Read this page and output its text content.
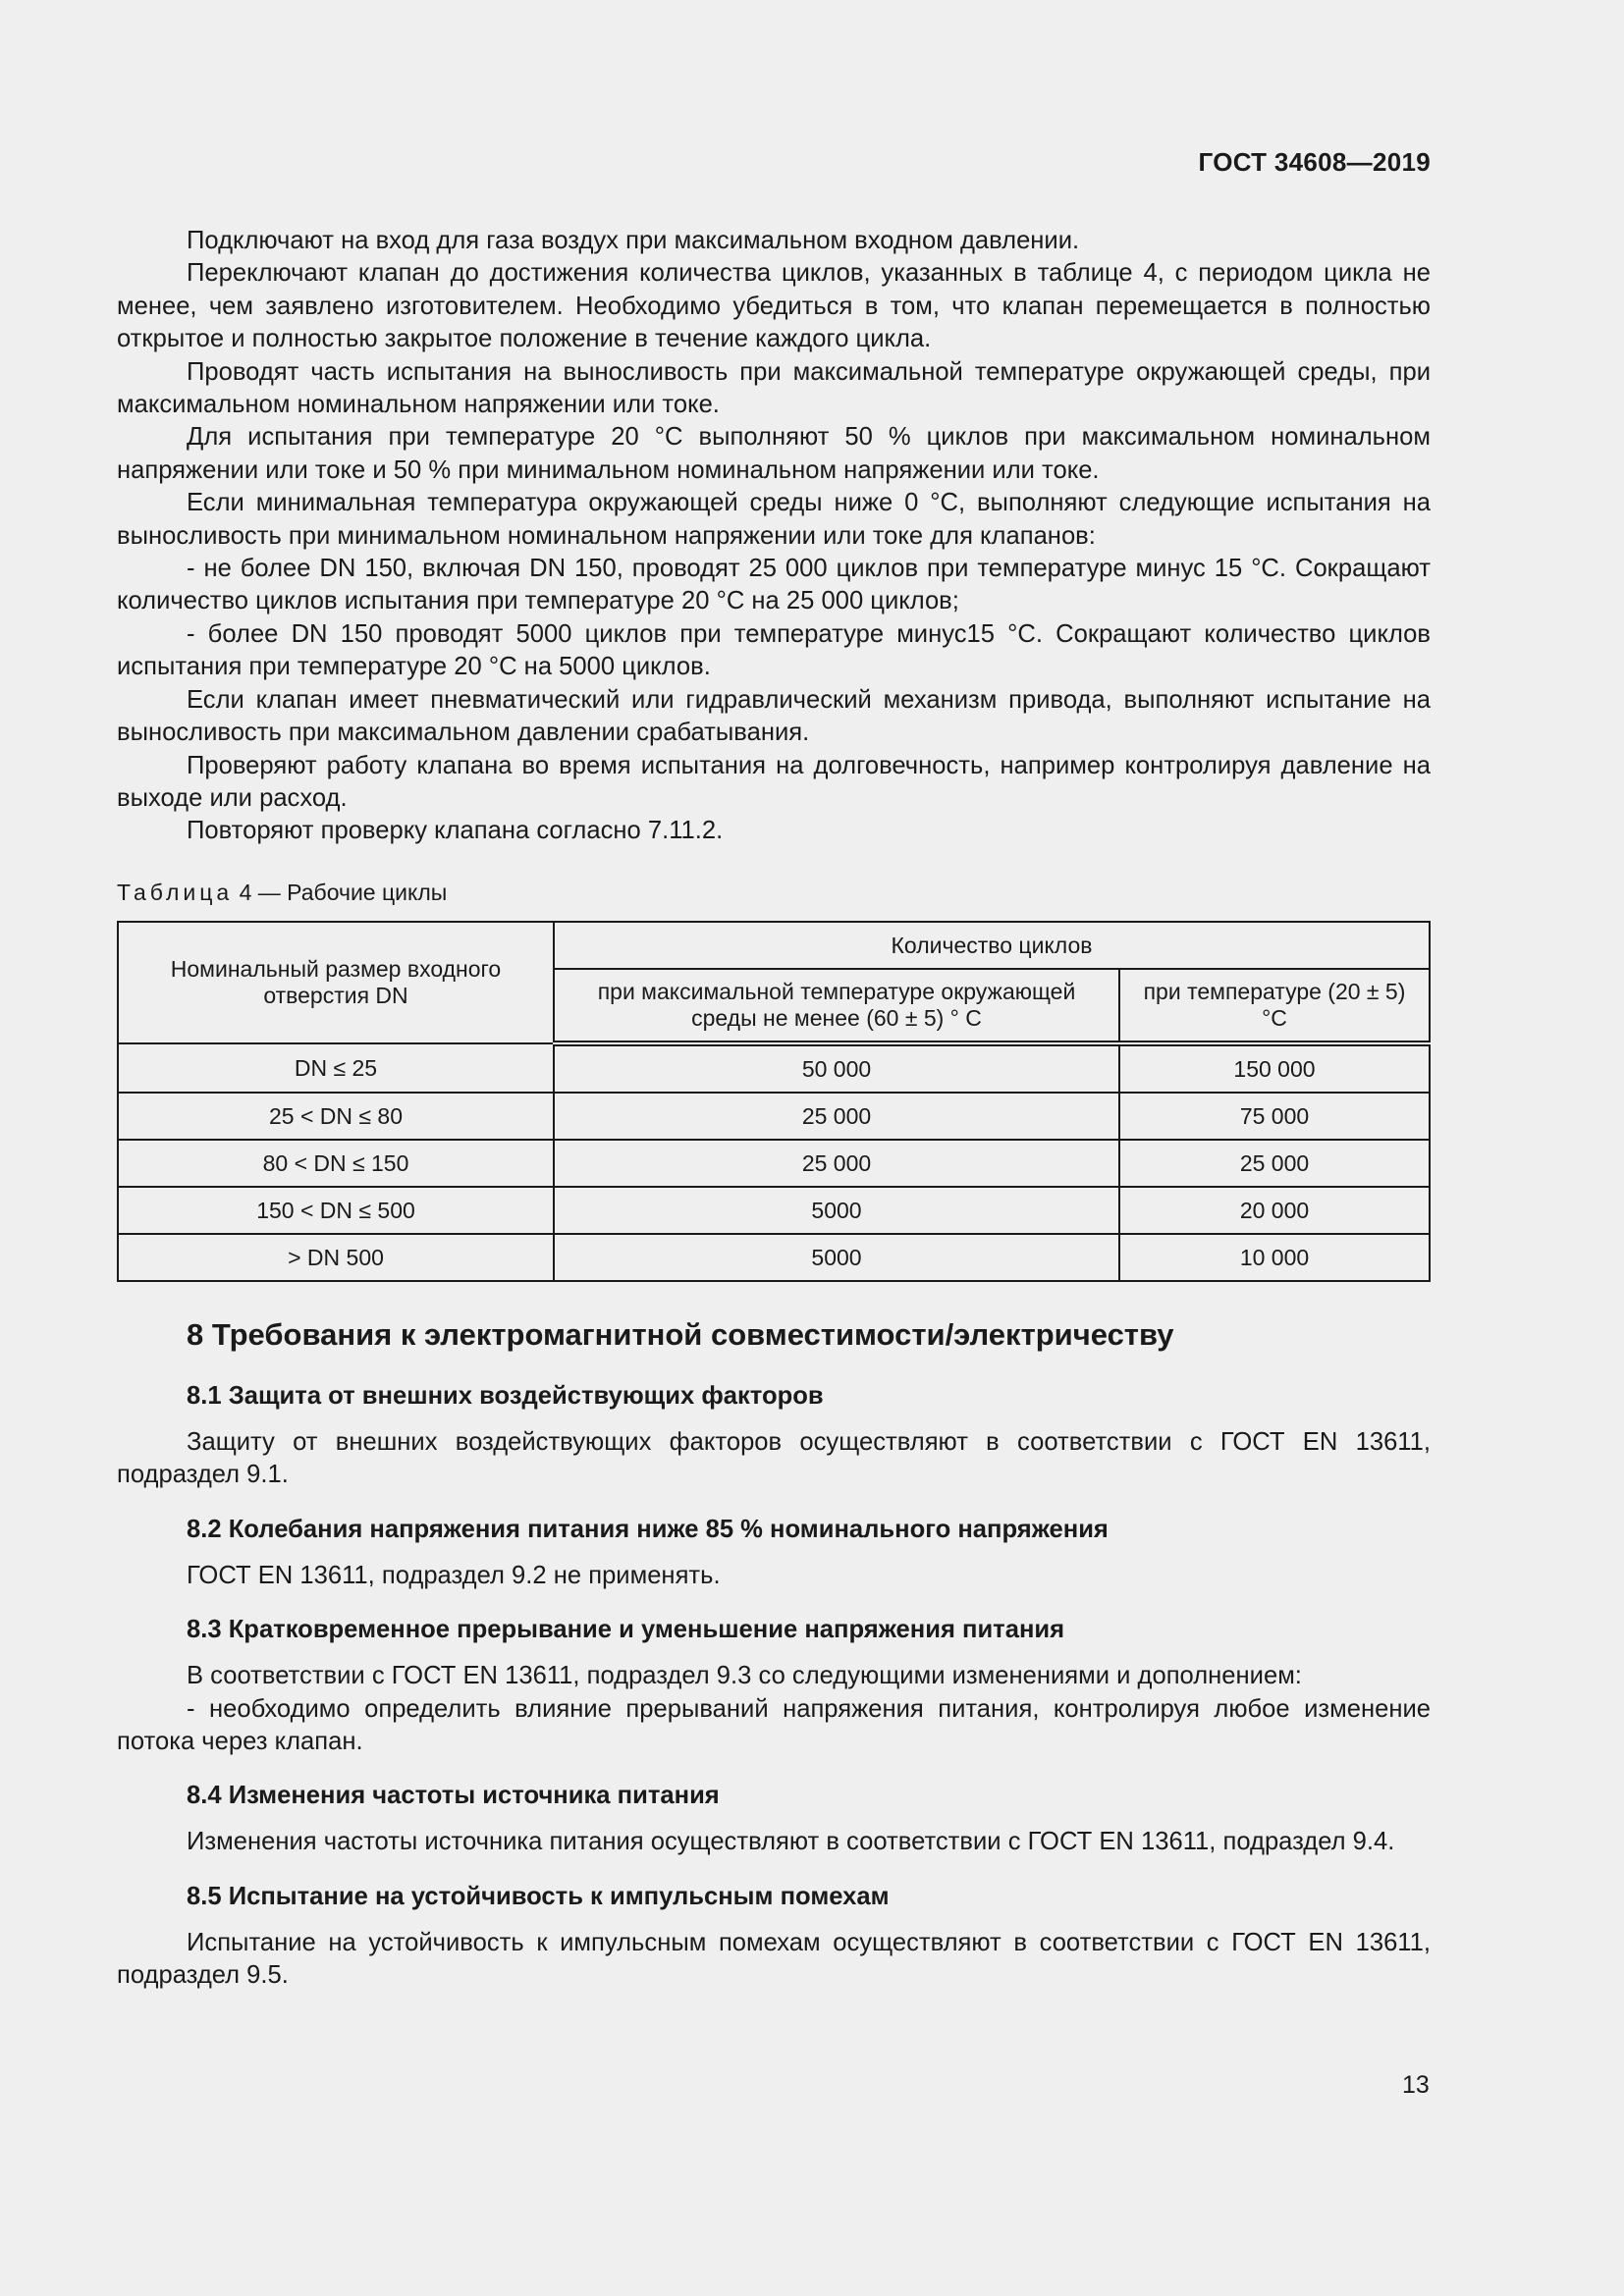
ГОСТ 34608—2019

Подключают на вход для газа воздух при максимальном входном давлении.

Переключают клапан до достижения количества циклов, указанных в таблице 4, с периодом цикла не менее, чем заявлено изготовителем. Необходимо убедиться в том, что клапан перемещается в полностью открытое и полностью закрытое положение в течение каждого цикла.

Проводят часть испытания на выносливость при максимальной температуре окружающей среды, при максимальном номинальном напряжении или токе.

Для испытания при температуре 20 °С выполняют 50 % циклов при максимальном номинальном напряжении или токе и 50 % при минимальном номинальном напряжении или токе.

Если минимальная температура окружающей среды ниже 0 °С, выполняют следующие испытания на выносливость при минимальном номинальном напряжении или токе для клапанов:

- не более DN 150, включая DN 150, проводят 25 000 циклов при температуре минус 15 °С. Сокращают количество циклов испытания при температуре 20 °С на 25 000 циклов;

- более DN 150 проводят 5000 циклов при температуре минус15 °С. Сокращают количество циклов испытания при температуре 20 °С на 5000 циклов.

Если клапан имеет пневматический или гидравлический механизм привода, выполняют испытание на выносливость при максимальном давлении срабатывания.

Проверяют работу клапана во время испытания на долговечность, например контролируя давление на выходе или расход.

Повторяют проверку клапана согласно 7.11.2.

Таблица 4 — Рабочие циклы
Номинальный размер входного отверстия DN	Количество циклов	
	при максимальной температуре окружающей среды не менее (60 ± 5) ° С	при температуре (20 ± 5) °С
DN ≤ 25	50 000	150 000
25 < DN ≤ 80	25 000	75 000
80 < DN ≤ 150	25 000	25 000
150 < DN ≤ 500	5000	20 000
> DN 500	5000	10 000
8 Требования к электромагнитной совместимости/электричеству
8.1 Защита от внешних воздействующих факторов

Защиту от внешних воздействующих факторов осуществляют в соответствии с ГОСТ EN 13611, подраздел 9.1.

8.2 Колебания напряжения питания ниже 85 % номинального напряжения

ГОСТ EN 13611, подраздел 9.2 не применять.

8.3 Кратковременное прерывание и уменьшение напряжения питания

В соответствии с ГОСТ EN 13611, подраздел 9.3 со следующими изменениями и дополнением:

- необходимо определить влияние прерываний напряжения питания, контролируя любое изменение потока через клапан.

8.4 Изменения частоты источника питания

Изменения частоты источника питания осуществляют в соответствии с ГОСТ EN 13611, подраздел 9.4.

8.5 Испытание на устойчивость к импульсным помехам

Испытание на устойчивость к импульсным помехам осуществляют в соответствии с ГОСТ EN 13611, подраздел 9.5.

13
